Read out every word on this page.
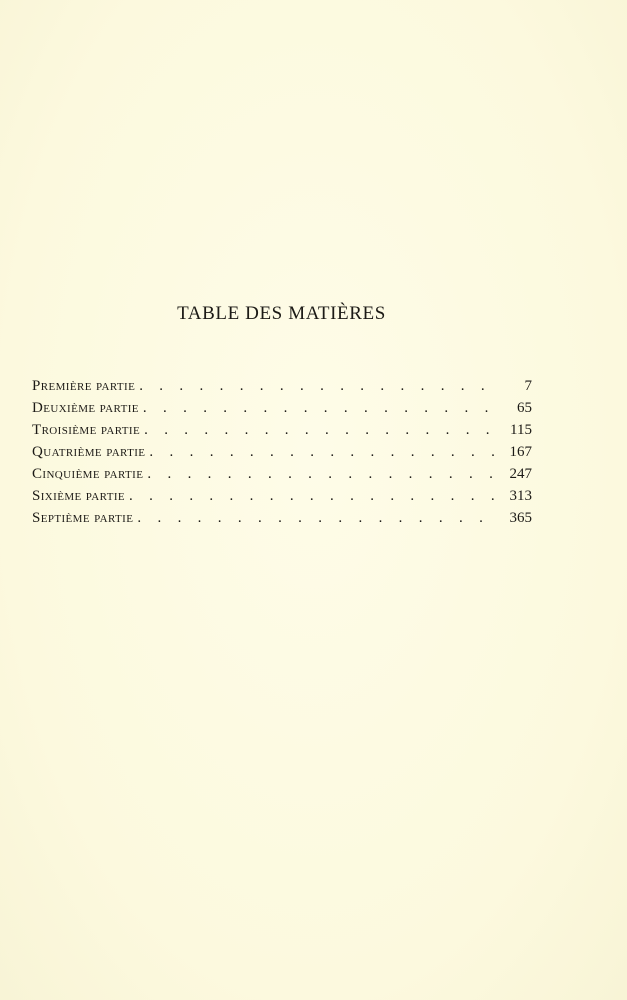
TABLE DES MATIÈRES
Première partie . . .	7
Deuxième partie . . .	65
Troisième partie . . .	115
Quatrième partie . . .	167
Cinquième partie . . .	247
Sixième partie . . .	313
Septième partie . . .	365
